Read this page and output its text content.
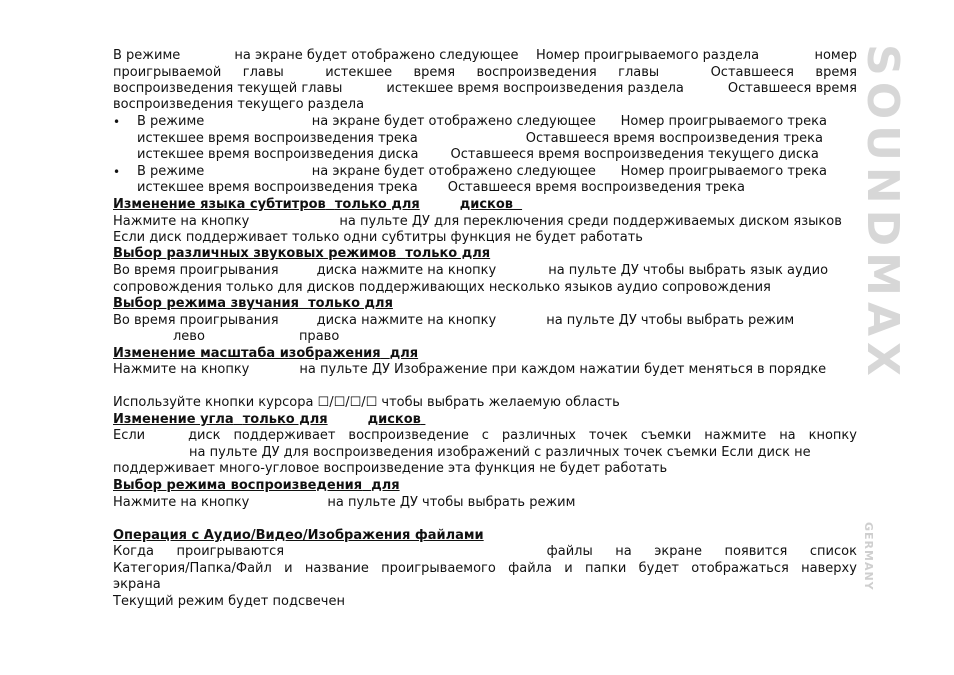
SOUNDMAX
GERMANY
В режиме	на экране будет отображено следующее Номер проигрываемого раздела	номер
проигрываемой главы	истекшее время воспроизведения главы	Оставшееся время
воспроизведения текущей главы	истекшее время воспроизведения раздела	Оставшееся время
воспроизведения текущего раздела
• В режиме	на экране будет отображено следующее Номер проигрываемого трека
истекшее время воспроизведения трека	Оставшееся время воспроизведения трека
истекшее время воспроизведения диска Оставшееся время воспроизведения текущего диска
• В режиме	на экране будет отображено следующее Номер проигрываемого трека
истекшее время воспроизведения трека Оставшееся время воспроизведения трека
Изменение языка субтитров только для	дисков
Нажмите на кнопку	на пульте ДУ для переключения среди поддерживаемых диском языков
Если диск поддерживает только одни субтитры функция не будет работать
Выбор различных звуковых режимов только для
Во время проигрывания	диска нажмите на кнопку	на пульте ДУ чтобы выбрать язык аудио
сопровождения только для дисков поддерживающих несколько языков аудио сопровождения
Выбор режима звучания только для
Во время проигрывания	диска нажмите на кнопку	на пульте ДУ чтобы выбрать режим
лево	право
Изменение масштаба изображения для
Нажмите на кнопку	на пульте ДУ Изображение при каждом нажатии будет меняться в порядке
Используйте кнопки курсора ☐/☐/☐/☐ чтобы выбрать желаемую область
Изменение угла только для	дисков
Если	диск поддерживает воспроизведение с различных точек съемки нажмите на кнопку
на пульте ДУ для воспроизведения изображений с различных точек съемки Если диск не
поддерживает много-угловое воспроизведение эта функция не будет работать
Выбор режима воспроизведения для
Нажмите на кнопку	на пульте ДУ чтобы выбрать режим
Операция с Аудио/Видео/Изображения файлами
Когда проигрываются	файлы на экране появится список
Категория/Папка/Файл и название проигрываемого файла и папки будет отображаться наверху
экрана
Текущий режим будет подсвечен
